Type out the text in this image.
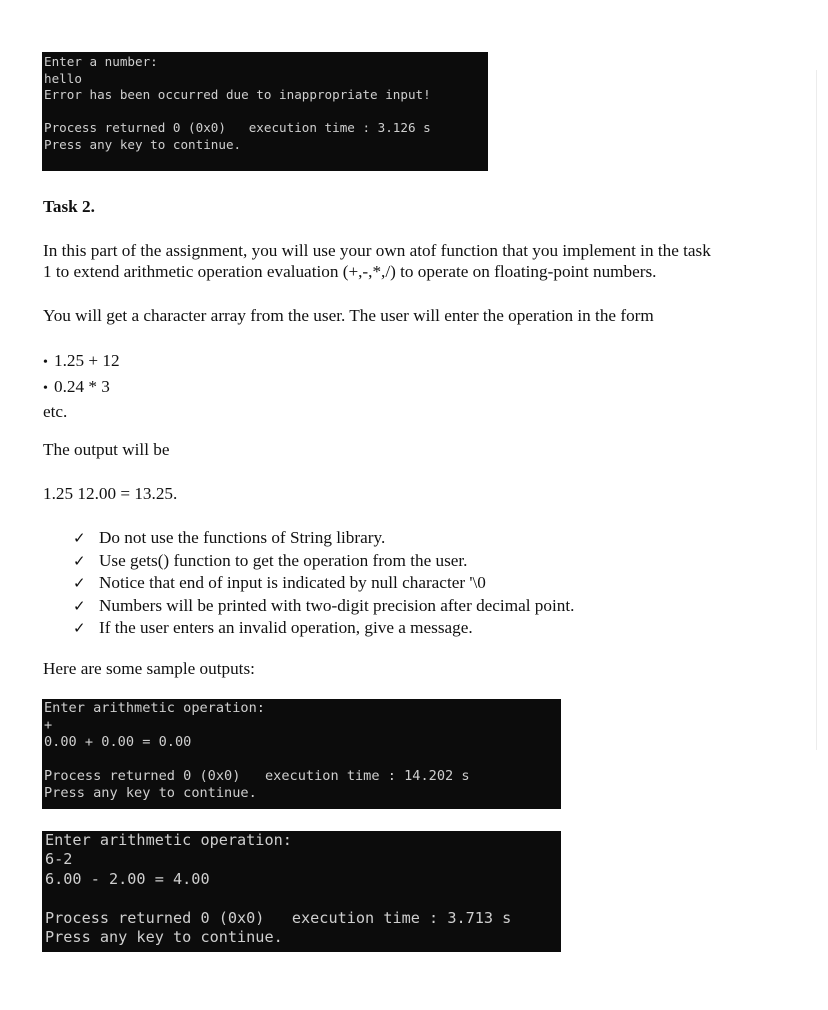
Enter a number:
hello
Error has been occurred due to inappropriate input!

Process returned 0 (0x0)   execution time : 3.126 s
Press any key to continue.
Task 2.
In this part of the assignment, you will use your own atof function that you implement in the task
1 to extend arithmetic operation evaluation (+,-,*,/) to operate on floating-point numbers.
You will get a character array from the user. The user will enter the operation in the form
• 1.25 + 12
• 0.24 * 3
etc.
The output will be
1.25 12.00 = 13.25.
✓ Do not use the functions of String library.
✓ Use gets() function to get the operation from the user.
✓ Notice that end of input is indicated by null character '\0
✓ Numbers will be printed with two-digit precision after decimal point.
✓ If the user enters an invalid operation, give a message.
Here are some sample outputs:
Enter arithmetic operation:
+
0.00 + 0.00 = 0.00

Process returned 0 (0x0)   execution time : 14.202 s
Press any key to continue.
Enter arithmetic operation:
6-2
6.00 - 2.00 = 4.00

Process returned 0 (0x0)   execution time : 3.713 s
Press any key to continue.
